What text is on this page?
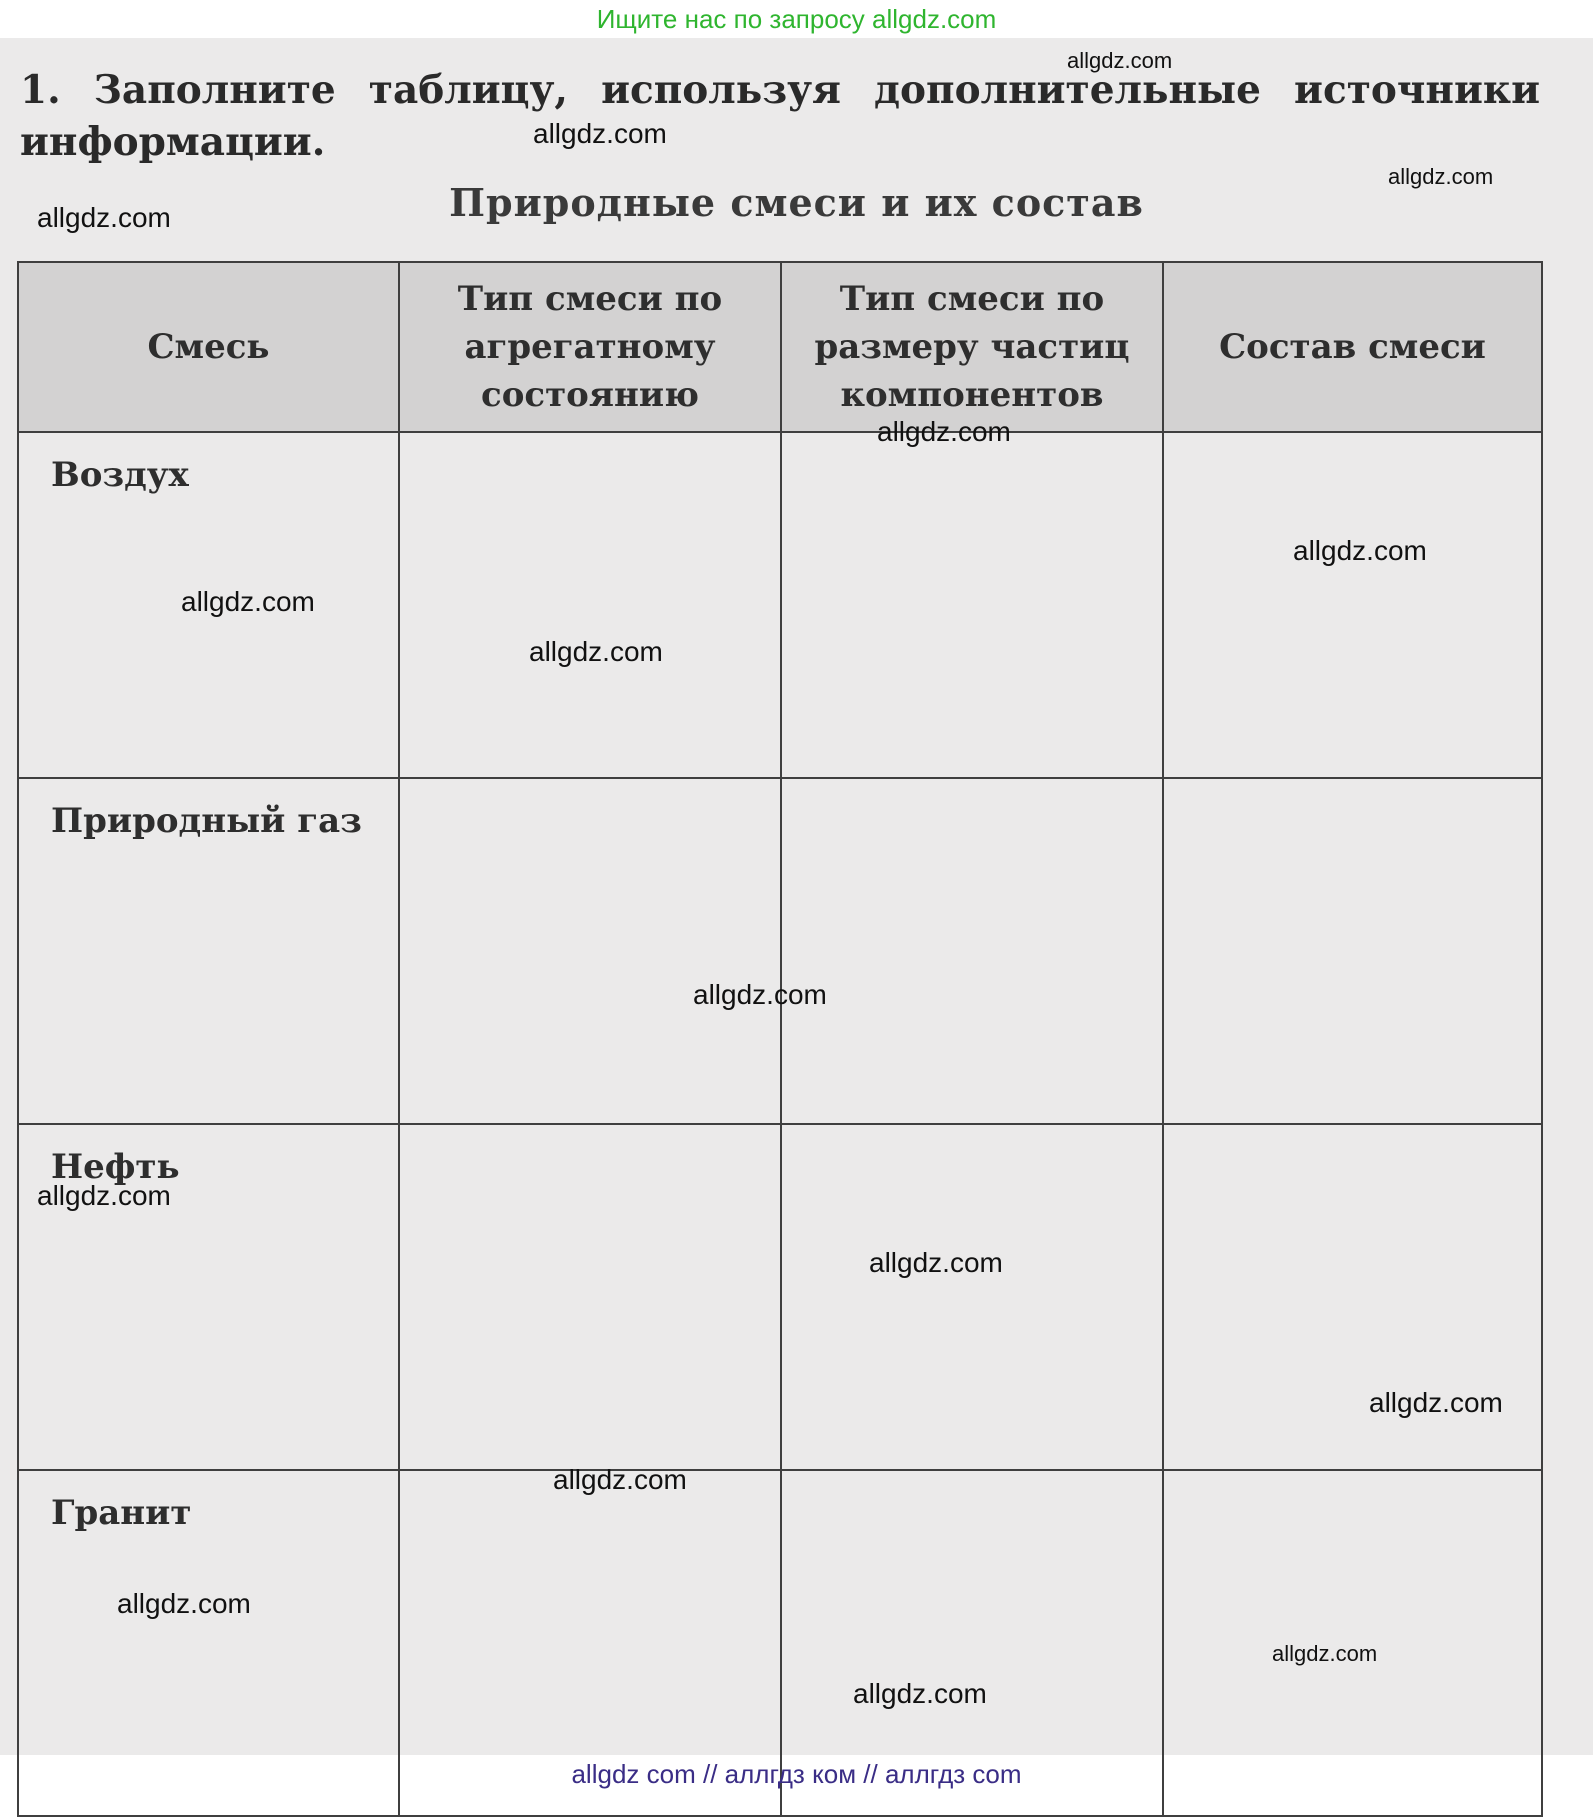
Ищите нас по запросу allgdz.com
1. Заполните таблицу, используя дополнительные источники информации.
Природные смеси и их состав
Смесь	Тип смеси по агрегатному состоянию	Тип смеси по размеру частиц компонентов	Состав смеси
Воздух			
Природный газ			
Нефть			
Гранит			
allgdz.com
allgdz.com
allgdz.com
allgdz.com
allgdz.com
allgdz.com
allgdz.com
allgdz.com
allgdz.com
allgdz.com
allgdz.com
allgdz.com
allgdz.com
allgdz.com
allgdz.com
allgdz.com
allgdz com // аллгдз ком // аллгдз com
